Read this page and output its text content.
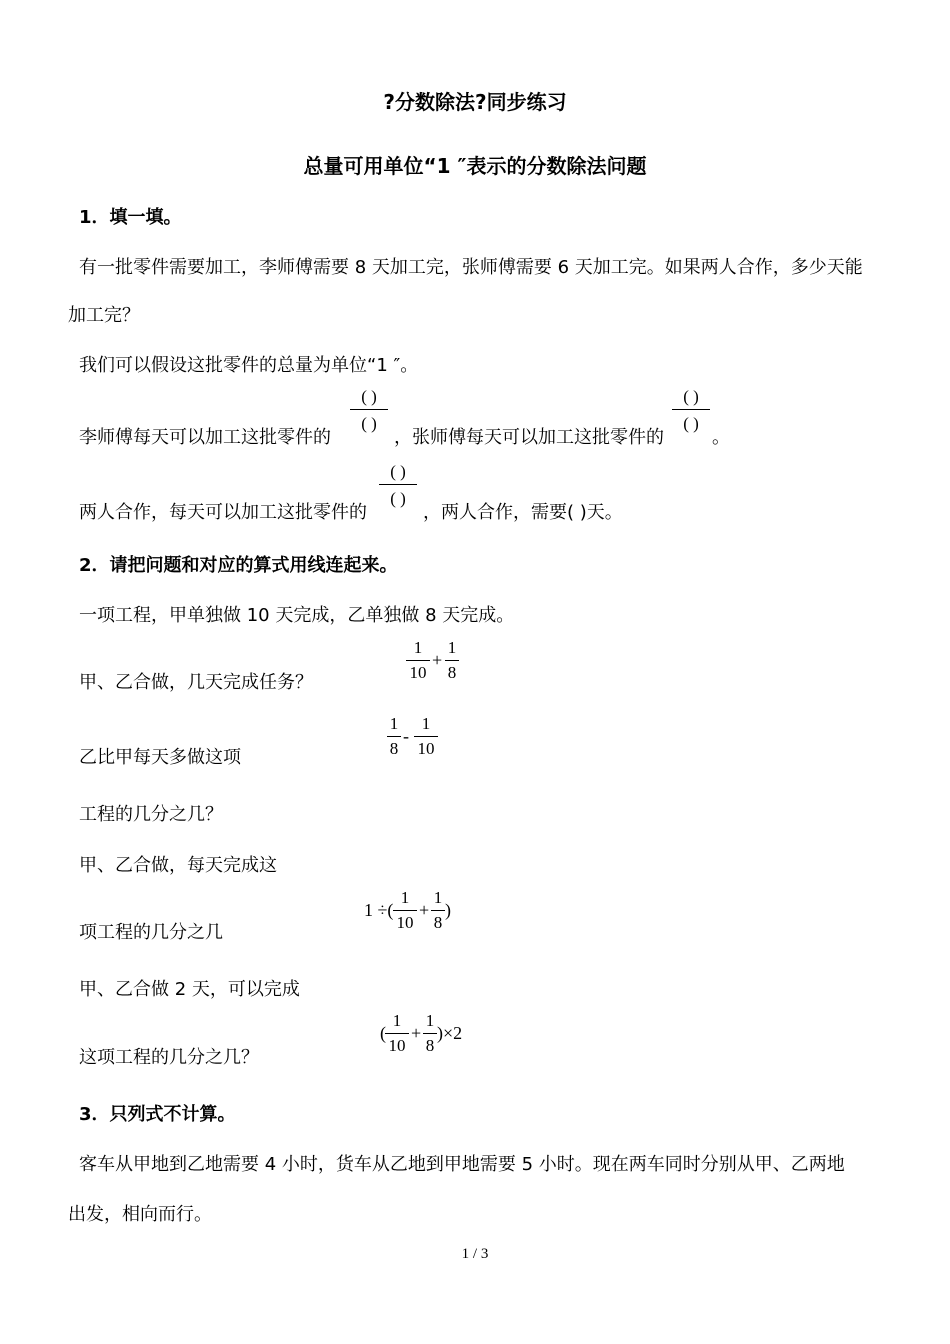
?分数除法?同步练习
总量可用单位“1 ″表示的分数除法问题
1．填一填。
有一批零件需要加工，李师傅需要 8 天加工完，张师傅需要 6 天加工完。如果两人合作，多少天能
加工完？
我们可以假设这批零件的总量为单位“1 ″。
李师傅每天可以加工这批零件的
( )
( )
，张师傅每天可以加工这批零件的
( )
( )
。
两人合作，每天可以加工这批零件的
( )
( )
，两人合作，需要( )天。
2．请把问题和对应的算式用线连起来。
一项工程，甲单独做 10 天完成，乙单独做 8 天完成。
甲、乙合做，几天完成任务？
乙比甲每天多做这项
工程的几分之几？
甲、乙合做，每天完成这
项工程的几分之几
甲、乙合做 2 天，可以完成
这项工程的几分之几？
1
10
+
1
8
1
8
-
1
10
1 ÷(
1
10
+
1
8
)
(
1
10
+
1
8
)×2
3．只列式不计算。
客车从甲地到乙地需要 4 小时，货车从乙地到甲地需要 5 小时。现在两车同时分别从甲、乙两地
出发，相向而行。
1 / 3
